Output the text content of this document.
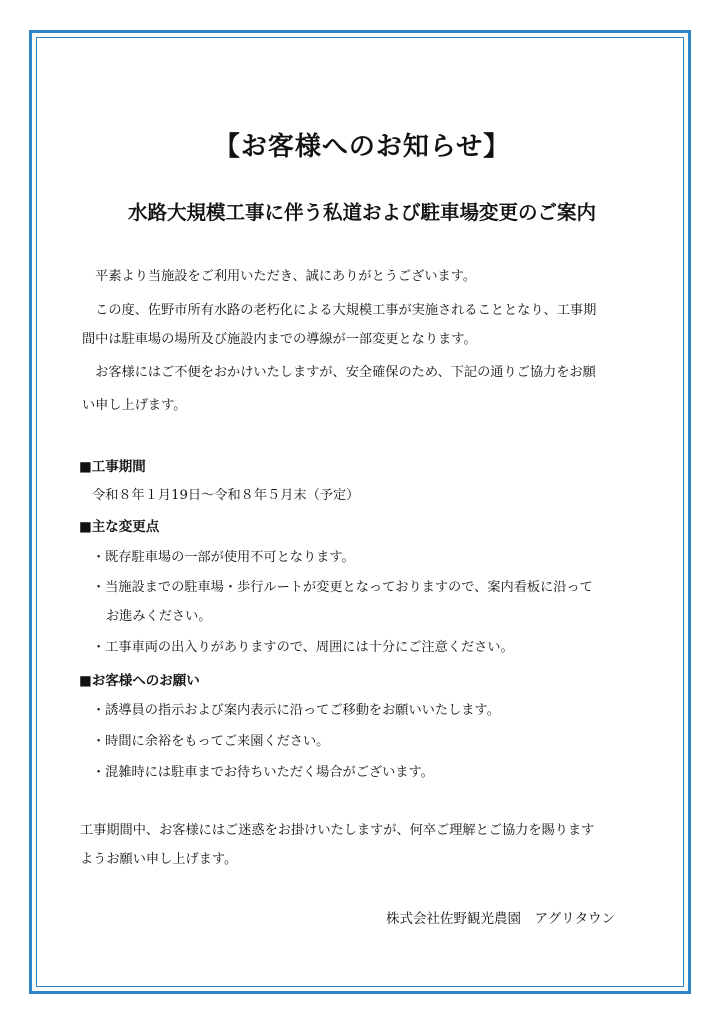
【お客様へのお知らせ】
水路大規模工事に伴う私道および駐車場変更のご案内
　平素より当施設をご利用いただき、誠にありがとうございます。
　この度、佐野市所有水路の老朽化による大規模工事が実施されることとなり、工事期
間中は駐車場の場所及び施設内までの導線が一部変更となります。
　お客様にはご不便をおかけいたしますが、安全確保のため、下記の通りご協力をお願
い申し上げます。
■工事期間
令和８年１月19日～令和８年５月末（予定）
■主な変更点
・既存駐車場の一部が使用不可となります。
・当施設までの駐車場・歩行ルートが変更となっておりますので、案内看板に沿って
お進みください。
・工事車両の出入りがありますので、周囲には十分にご注意ください。
■お客様へのお願い
・誘導員の指示および案内表示に沿ってご移動をお願いいたします。
・時間に余裕をもってご来園ください。
・混雑時には駐車までお待ちいただく場合がございます。
工事期間中、お客様にはご迷惑をお掛けいたしますが、何卒ご理解とご協力を賜ります
ようお願い申し上げます。
株式会社佐野観光農園　アグリタウン
